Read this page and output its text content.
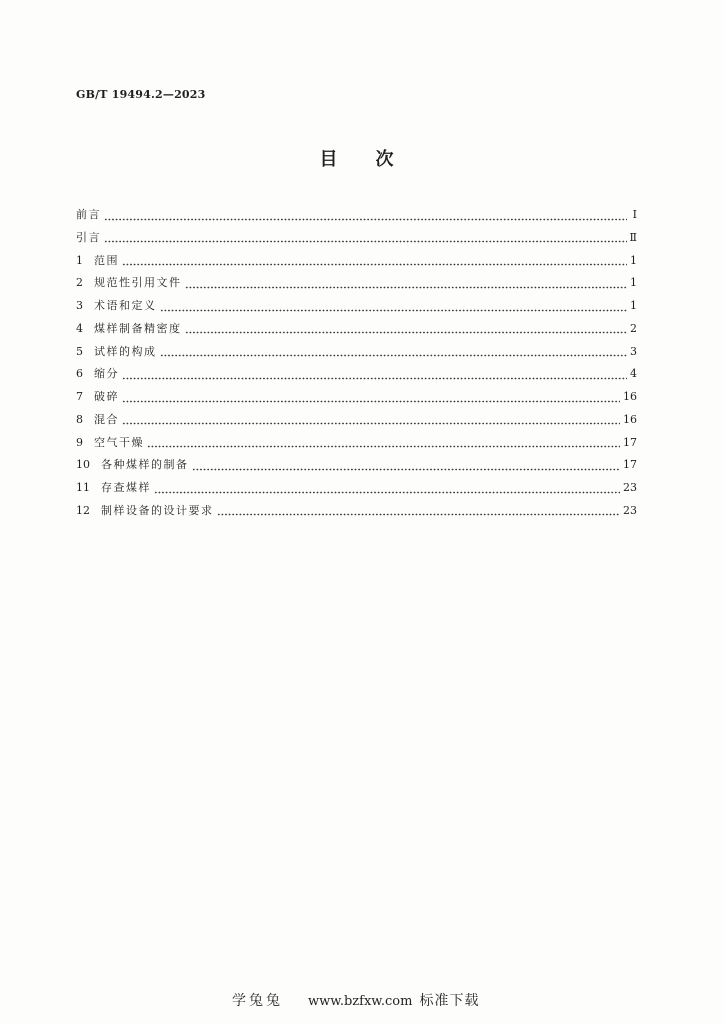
GB/T 19494.2—2023
目　次
前言	Ⅰ
引言	Ⅱ
1	范围	1
2	规范性引用文件	1
3	术语和定义	1
4	煤样制备精密度	2
5	试样的构成	3
6	缩分	4
7	破碎	16
8	混合	16
9	空气干燥	17
10	各种煤样的制备	17
11	存查煤样	23
12	制样设备的设计要求	23
学兔兔 www.bzfxw.com 标准下载
